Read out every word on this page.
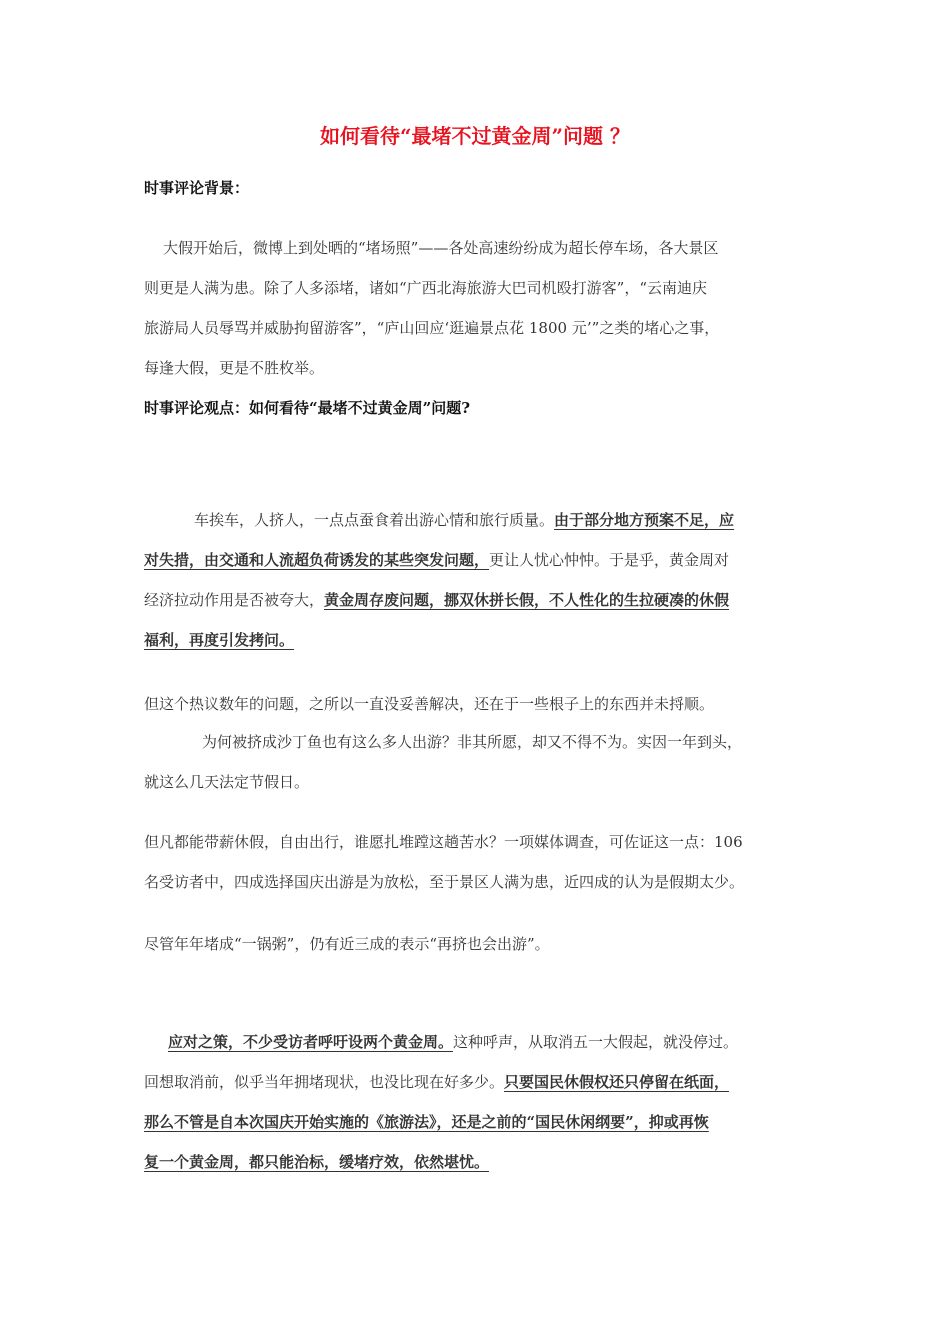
如何看待“最堵不过黄金周”问题 ？

时事评论背景：

大假开始后，微博上到处晒的“堵场照”——各处高速纷纷成为超长停车场，各大景区
则更是人满为患。除了人多添堵，诸如“广西北海旅游大巴司机殴打游客”，“云南迪庆
旅游局人员辱骂并威胁拘留游客”，“庐山回应‘逛遍景点花 1800 元’”之类的堵心之事，
每逢大假，更是不胜枚举。

时事评论观点：如何看待“最堵不过黄金周”问题?

车挨车，人挤人，一点点蚕食着出游心情和旅行质量。由于部分地方预案不足，应
对失措，由交通和人流超负荷诱发的某些突发问题，更让人忧心忡忡。于是乎，黄金周对
经济拉动作用是否被夸大，黄金周存废问题，挪双休拼长假，不人性化的生拉硬凑的休假
福利，再度引发拷问。
但这个热议数年的问题，之所以一直没妥善解决，还在于一些根子上的东西并未捋顺。
为何被挤成沙丁鱼也有这么多人出游？非其所愿，却又不得不为。实因一年到头，
就这么几天法定节假日。
但凡都能带薪休假，自由出行，谁愿扎堆蹚这趟苦水？一项媒体调查，可佐证这一点：106
名受访者中，四成选择国庆出游是为放松，至于景区人满为患，近四成的认为是假期太少。
尽管年年堵成“一锅粥”，仍有近三成的表示“再挤也会出游”。
应对之策，不少受访者呼吁设两个黄金周。这种呼声，从取消五一大假起，就没停过。
回想取消前，似乎当年拥堵现状，也没比现在好多少。只要国民休假权还只停留在纸面，
那么不管是自本次国庆开始实施的《旅游法》，还是之前的“国民休闲纲要”，抑或再恢
复一个黄金周，都只能治标，缓堵疗效，依然堪忧。
